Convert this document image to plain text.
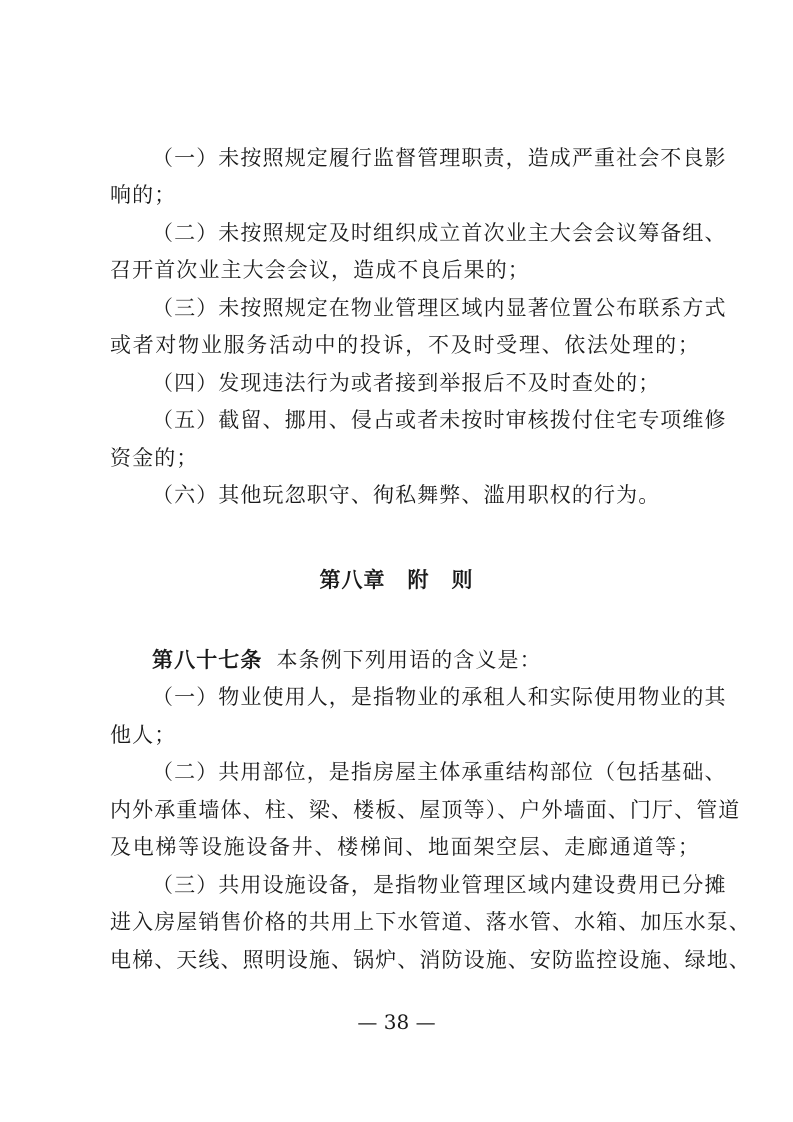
（一）未按照规定履行监督管理职责，造成严重社会不良影
响的；
（二）未按照规定及时组织成立首次业主大会会议筹备组、
召开首次业主大会会议，造成不良后果的；
（三）未按照规定在物业管理区域内显著位置公布联系方式
或者对物业服务活动中的投诉，不及时受理、依法处理的；
（四）发现违法行为或者接到举报后不及时查处的；
（五）截留、挪用、侵占或者未按时审核拨付住宅专项维修
资金的；
（六）其他玩忽职守、徇私舞弊、滥用职权的行为。
第八章　附　则
第八十七条 本条例下列用语的含义是：
（一）物业使用人，是指物业的承租人和实际使用物业的其
他人；
（二）共用部位，是指房屋主体承重结构部位（包括基础、
内外承重墙体、柱、梁、楼板、屋顶等）、户外墙面、门厅、管道
及电梯等设施设备井、楼梯间、地面架空层、走廊通道等；
（三）共用设施设备，是指物业管理区域内建设费用已分摊
进入房屋销售价格的共用上下水管道、落水管、水箱、加压水泵、
电梯、天线、照明设施、锅炉、消防设施、安防监控设施、绿地、
— 38 —
